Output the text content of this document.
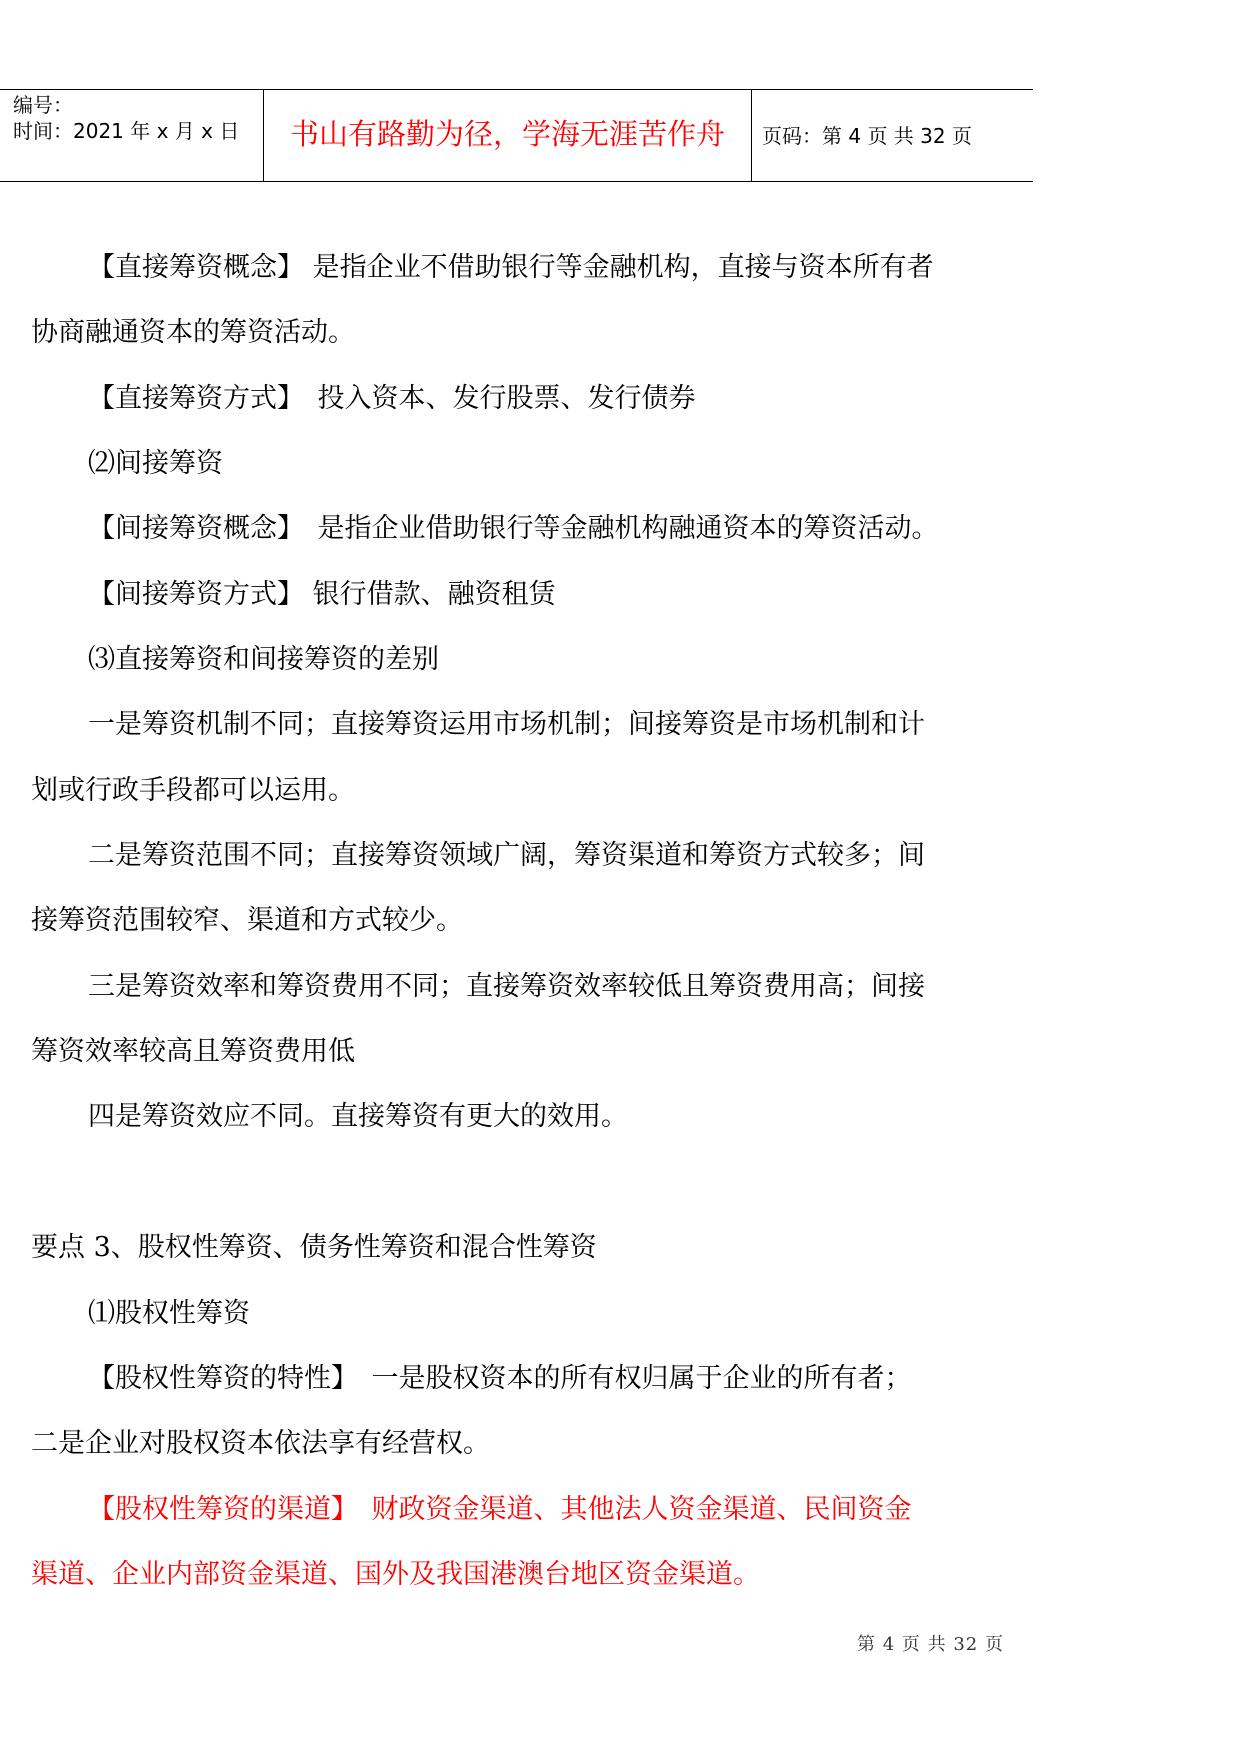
编号：
时间：2021 年 x 月 x 日 书山有路勤为径，学海无涯苦作舟 页码：第 4 页 共 32 页
【直接筹资概念】 是指企业不借助银行等金融机构，直接与资本所有者
协商融通资本的筹资活动。
【直接筹资方式】　投入资本、发行股票、发行债券
⑵间接筹资
【间接筹资概念】　是指企业借助银行等金融机构融通资本的筹资活动。
【间接筹资方式】 银行借款、融资租赁
⑶直接筹资和间接筹资的差别
一是筹资机制不同；直接筹资运用市场机制；间接筹资是市场机制和计
划或行政手段都可以运用。
二是筹资范围不同；直接筹资领域广阔，筹资渠道和筹资方式较多；间
接筹资范围较窄、渠道和方式较少。
三是筹资效率和筹资费用不同；直接筹资效率较低且筹资费用高；间接
筹资效率较高且筹资费用低
四是筹资效应不同。直接筹资有更大的效用。
要点 3、股权性筹资、债务性筹资和混合性筹资
⑴股权性筹资
【股权性筹资的特性】　一是股权资本的所有权归属于企业的所有者；
二是企业对股权资本依法享有经营权。
【股权性筹资的渠道】　财政资金渠道、其他法人资金渠道、民间资金
渠道、企业内部资金渠道、国外及我国港澳台地区资金渠道。
第 4 页 共 32 页
